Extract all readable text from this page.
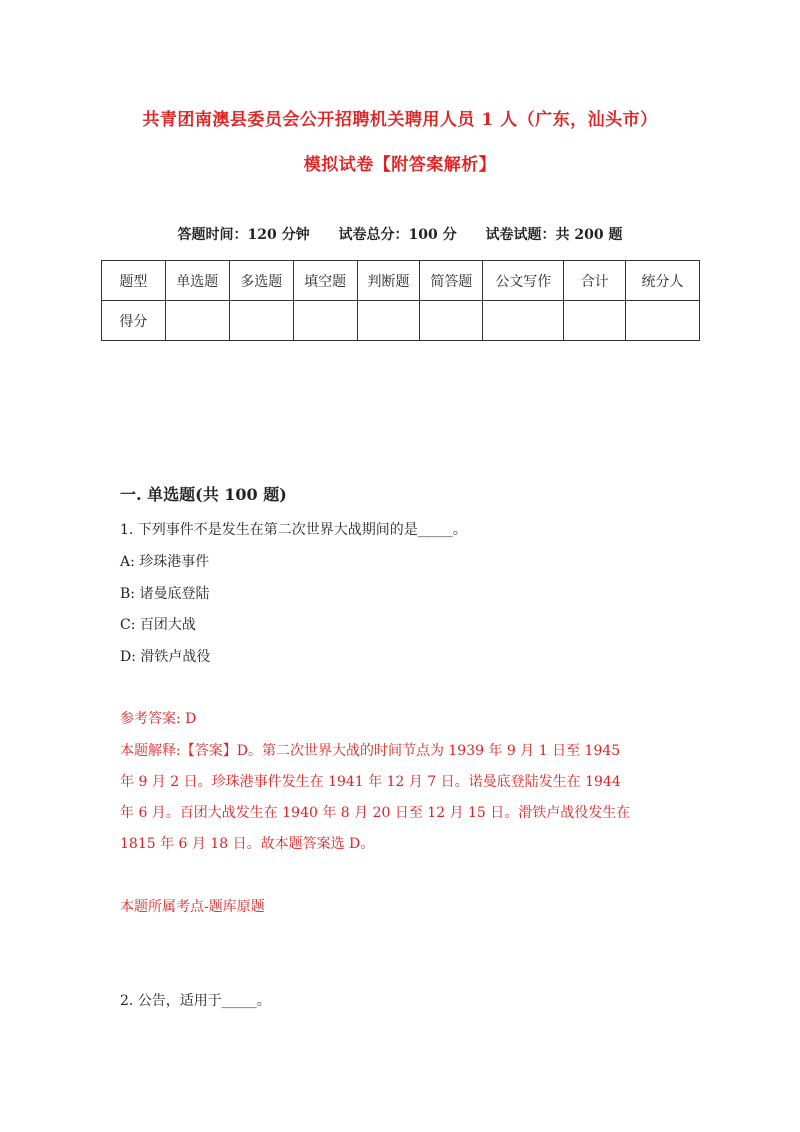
共青团南澳县委员会公开招聘机关聘用人员 1 人（广东，汕头市）
模拟试卷【附答案解析】
答题时间：120 分钟 试卷总分：100 分 试卷试题：共 200 题
题型	单选题	多选题	填空题	判断题	简答题	公文写作	合计	统分人
得分								
一. 单选题(共 100 题)
1. 下列事件不是发生在第二次世界大战期间的是_____。
A: 珍珠港事件
B: 诸曼底登陆
C: 百团大战
D: 滑铁卢战役
参考答案: D
本题解释:【答案】D。第二次世界大战的时间节点为 1939 年 9 月 1 日至 1945
年 9 月 2 日。珍珠港事件发生在 1941 年 12 月 7 日。诺曼底登陆发生在 1944
年 6 月。百团大战发生在 1940 年 8 月 20 日至 12 月 15 日。滑铁卢战役发生在
1815 年 6 月 18 日。故本题答案选 D。
本题所属考点-题库原题
2. 公告，适用于_____。
